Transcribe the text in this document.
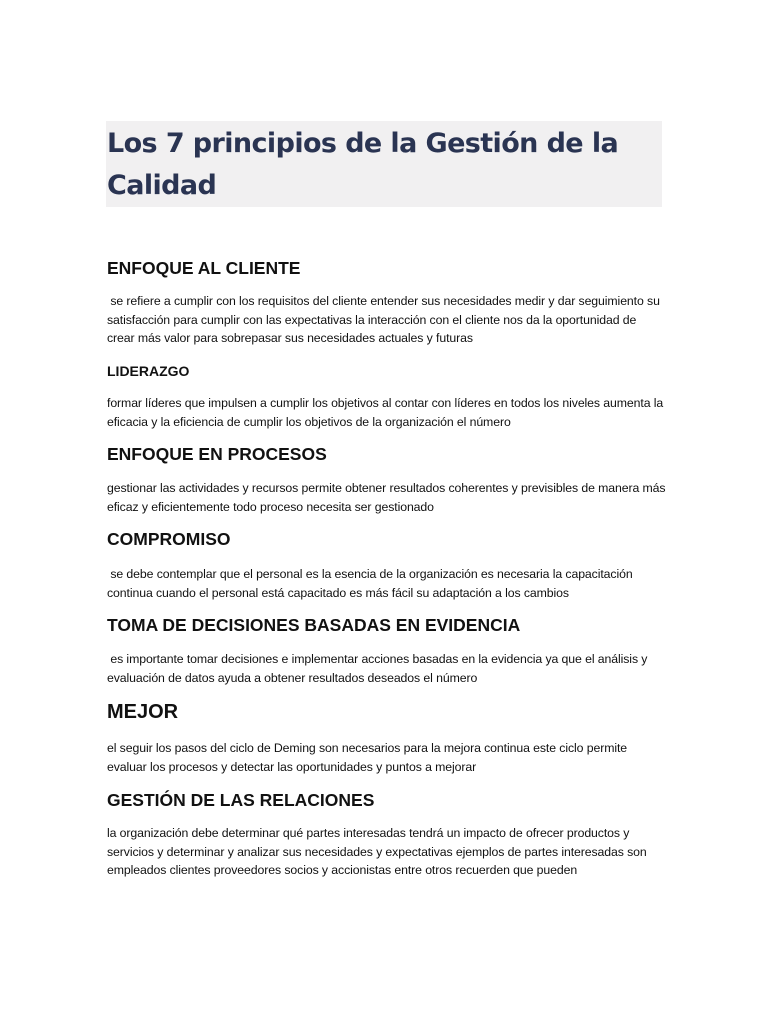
Los 7 principios de la Gestión de la Calidad
ENFOQUE AL CLIENTE

se refiere a cumplir con los requisitos del cliente entender sus necesidades medir y dar seguimiento su satisfacción para cumplir con las expectativas la interacción con el cliente nos da la oportunidad de crear más valor para sobrepasar sus necesidades actuales y futuras

LIDERAZGO

formar líderes que impulsen a cumplir los objetivos al contar con líderes en todos los niveles aumenta la eficacia y la eficiencia de cumplir los objetivos de la organización el número

ENFOQUE EN PROCESOS

gestionar las actividades y recursos permite obtener resultados coherentes y previsibles de manera más eficaz y eficientemente todo proceso necesita ser gestionado

COMPROMISO

se debe contemplar que el personal es la esencia de la organización es necesaria la capacitación continua cuando el personal está capacitado es más fácil su adaptación a los cambios

TOMA DE DECISIONES BASADAS EN EVIDENCIA

es importante tomar decisiones e implementar acciones basadas en la evidencia ya que el análisis y evaluación de datos ayuda a obtener resultados deseados el número

MEJOR

el seguir los pasos del ciclo de Deming son necesarios para la mejora continua este ciclo permite evaluar los procesos y detectar las oportunidades y puntos a mejorar

GESTIÓN DE LAS RELACIONES

la organización debe determinar qué partes interesadas tendrá un impacto de ofrecer productos y servicios y determinar y analizar sus necesidades y expectativas ejemplos de partes interesadas son empleados clientes proveedores socios y accionistas entre otros recuerden que pueden
